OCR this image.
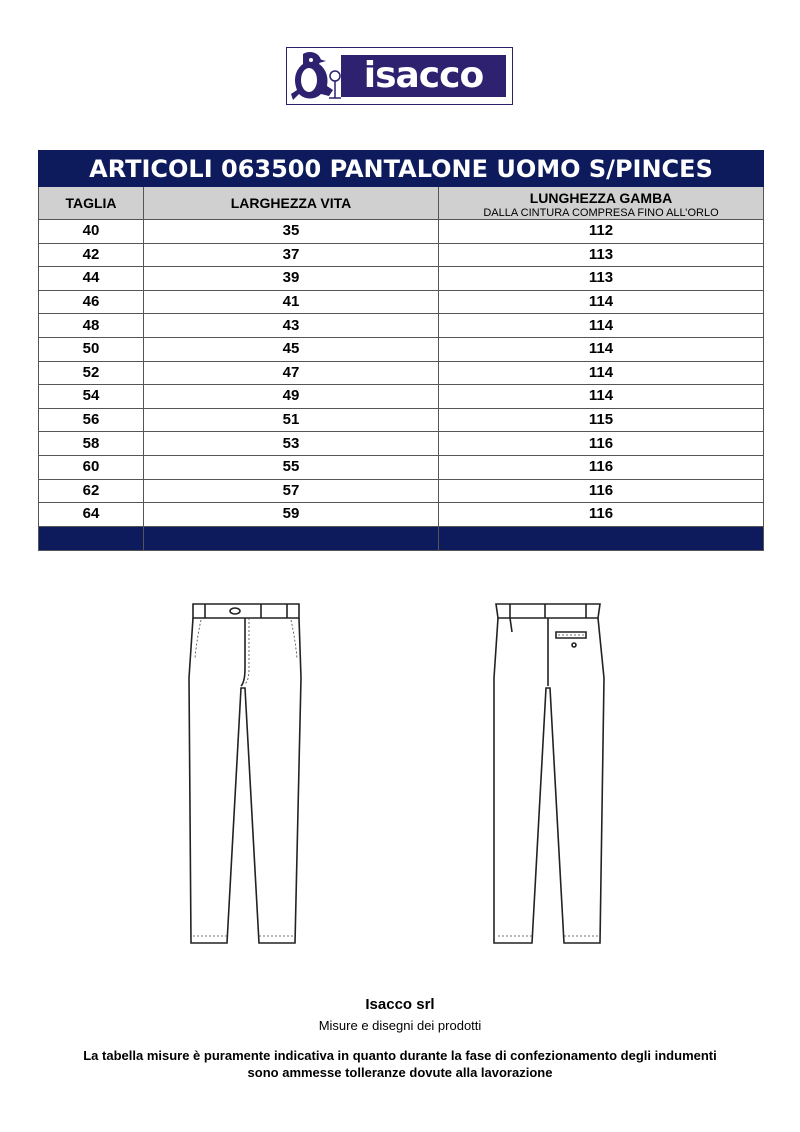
isacco
ARTICOLI 063500 PANTALONE UOMO S/PINCES		
TAGLIA	LARGHEZZA VITA	LUNGHEZZA GAMBA
DALLA CINTURA COMPRESA FINO ALL’ORLO

40	35	112
42	37	113
44	39	113
46	41	114
48	43	114
50	45	114
52	47	114
54	49	114
56	51	115
58	53	116
60	55	116
62	57	116
64	59	116

Isacco srl
Misure e disegni dei prodotti
La tabella misure è puramente indicativa in quanto durante la fase di confezionamento degli indumenti
sono ammesse tolleranze dovute alla lavorazione
